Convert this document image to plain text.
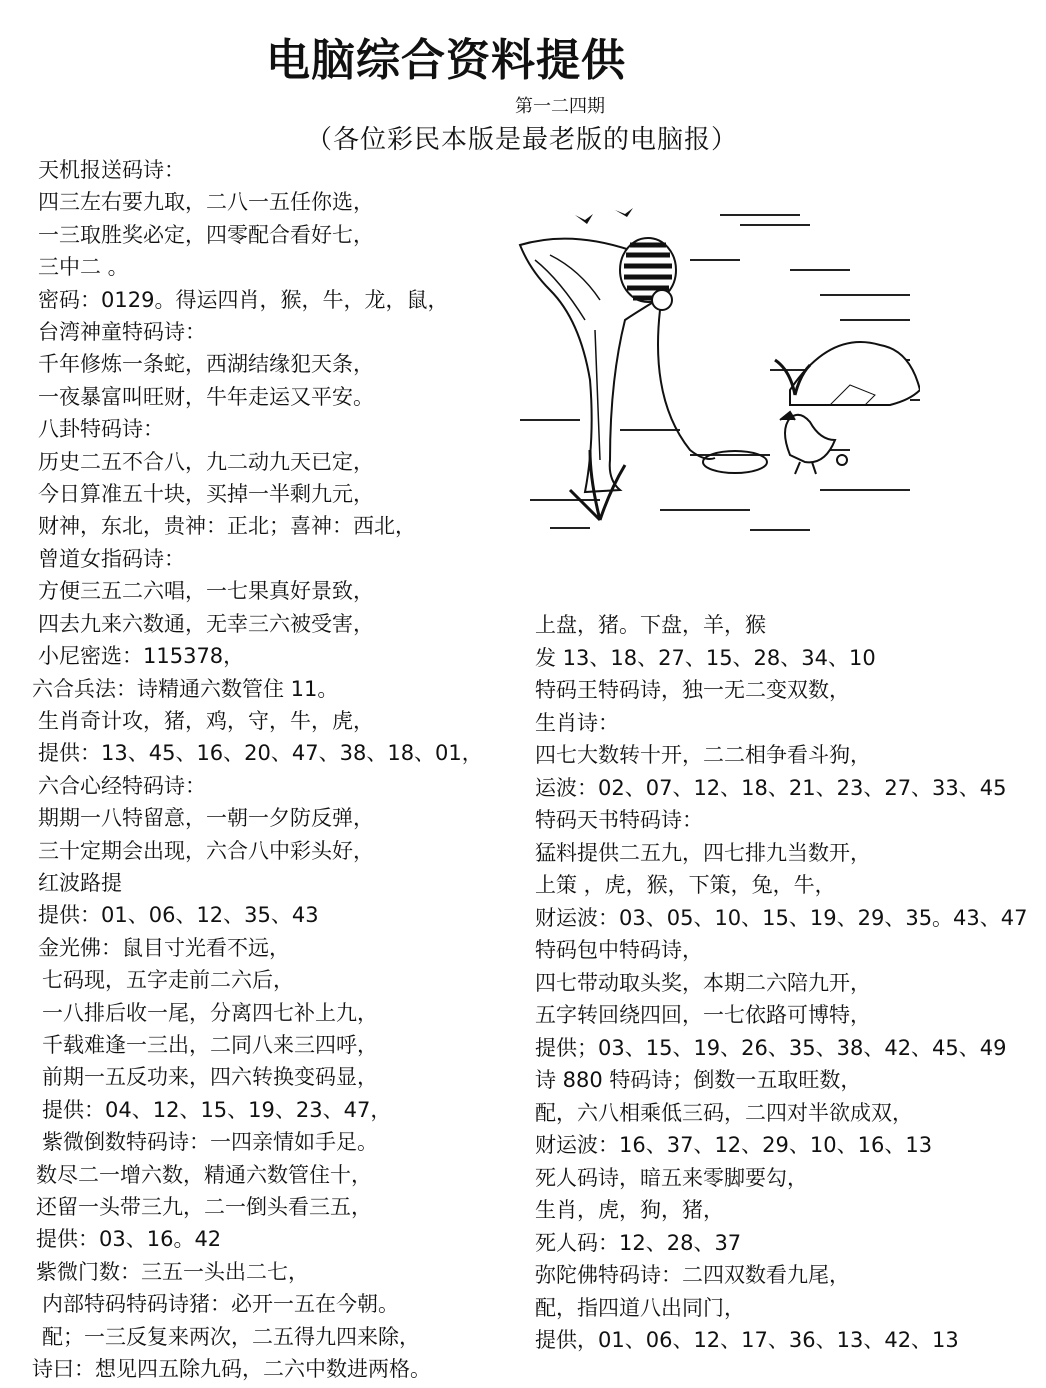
电脑综合资料提供
第一二四期
（各位彩民本版是最老版的电脑报）
天机报送码诗：
四三左右要九取，二八一五任你选，
一三取胜奖必定，四零配合看好七，
三中二 。
密码：0129。得运四肖，猴，牛，龙，鼠，
台湾神童特码诗：
千年修炼一条蛇，西湖结缘犯天条，
一夜暴富叫旺财，牛年走运又平安。
八卦特码诗：
历史二五不合八，九二动九天已定，
今日算准五十块，买掉一半剩九元，
财神，东北，贵神：正北；喜神：西北，
曾道女指码诗：
方便三五二六唱，一七果真好景致，
四去九来六数通，无幸三六被受害，
小尼密选：115378，
六合兵法：诗精通六数管住 11。
生肖奇计攻，猪，鸡，守，牛，虎，
提供：13、45、16、20、47、38、18、01，
六合心经特码诗：
期期一八特留意，一朝一夕防反弹，
三十定期会出现，六合八中彩头好，
红波路提
提供：01、06、12、35、43
金光佛：鼠目寸光看不远，
七码现，五字走前二六后，
一八排后收一尾，分离四七补上九，
千载难逢一三出，二同八来三四呼，
前期一五反功来，四六转换变码显，
提供：04、12、15、19、23、47，
紫微倒数特码诗：一四亲情如手足。
数尽二一增六数，精通六数管住十，
还留一头带三九，二一倒头看三五，
提供：03、16。42
紫微门数：三五一头出二七，
内部特码特码诗猪：必开一五在今朝。
配；一三反复来两次，二五得九四来除，
诗曰：想见四五除九码，二六中数进两格。
上盘，猪。下盘，羊，猴
发 13、18、27、15、28、34、10
特码王特码诗，独一无二变双数，
生肖诗：
四七大数转十开，二二相争看斗狗，
运波：02、07、12、18、21、23、27、33、45
特码天书特码诗：
猛料提供二五九，四七排九当数开，
上策 ，虎，猴，下策，兔，牛，
财运波：03、05、10、15、19、29、35。43、47
特码包中特码诗，
四七带动取头奖，本期二六陪九开，
五字转回绕四回，一七依路可博特，
提供；03、15、19、26、35、38、42、45、49
诗 880 特码诗；倒数一五取旺数，
配，六八相乘低三码，二四对半欲成双，
财运波：16、37、12、29、10、16、13
死人码诗，暗五来零脚要勾，
生肖，虎，狗，猪，
死人码：12、28、37
弥陀佛特码诗：二四双数看九尾，
配，指四道八出同门，
提供，01、06、12、17、36、13、42、13
